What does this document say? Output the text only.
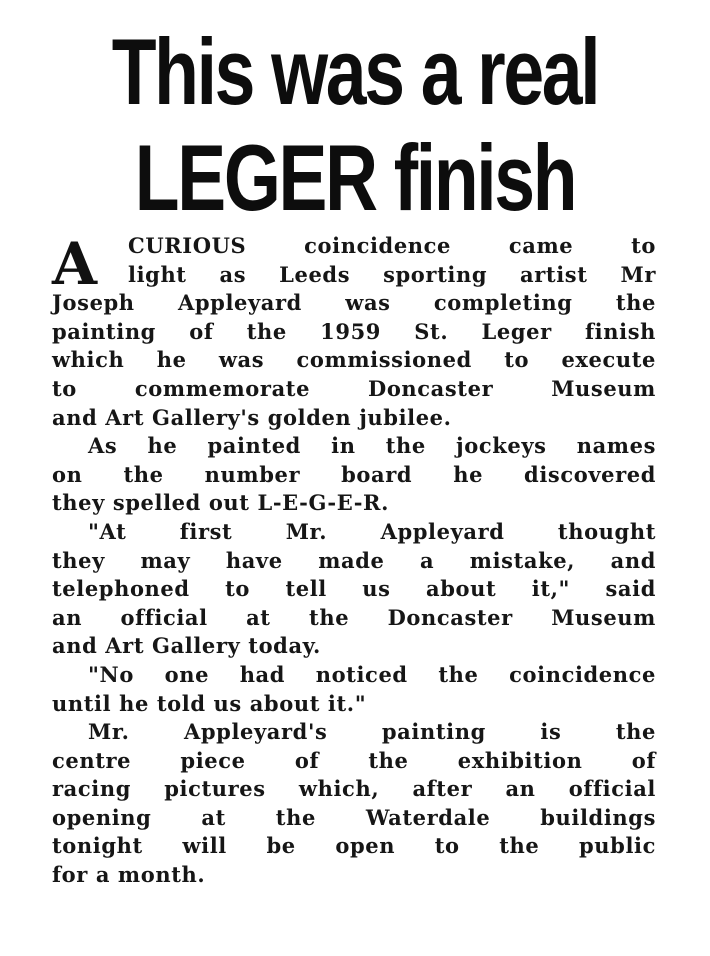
This was a real
LEGER finish
A	CURIOUS coincidence came to
light as Leeds sporting artist Mr
Joseph Appleyard was completing the
painting of the 1959 St. Leger finish
which he was commissioned to execute
to commemorate Doncaster Museum
and Art Gallery's golden jubilee.
As he painted in the jockeys names
on the number board he discovered
they spelled out L-E-G-E-R.
"At first Mr. Appleyard thought
they may have made a mistake, and
telephoned to tell us about it," said
an official at the Doncaster Museum
and Art Gallery today.
"No one had noticed the coincidence
until he told us about it."
Mr. Appleyard's painting is the
centre piece of the exhibition of
racing pictures which, after an official
opening at the Waterdale buildings
tonight will be open to the public
for a month.
